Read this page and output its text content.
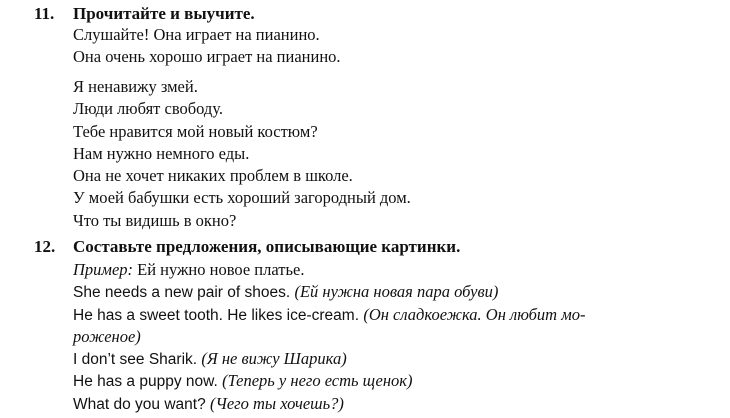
11. Прочитайте и выучите.
Слушайте! Она играет на пианино.
Она очень хорошо играет на пианино.
Я ненавижу змей.
Люди любят свободу.
Тебе нравится мой новый костюм?
Нам нужно немного еды.
Она не хочет никаких проблем в школе.
У моей бабушки есть хороший загородный дом.
Что ты видишь в окно?
12. Составьте предложения, описывающие картинки.
Пример: Ей нужно новое платье.
She needs a new pair of shoes. (Ей нужна новая пара обуви)
He has a sweet tooth. He likes ice-cream. (Он сладкоежка. Он любит мо-
роженое)
I don’t see Sharik. (Я не вижу Шарика)
He has a puppy now. (Теперь у него есть щенок)
What do you want? (Чего ты хочешь?)
